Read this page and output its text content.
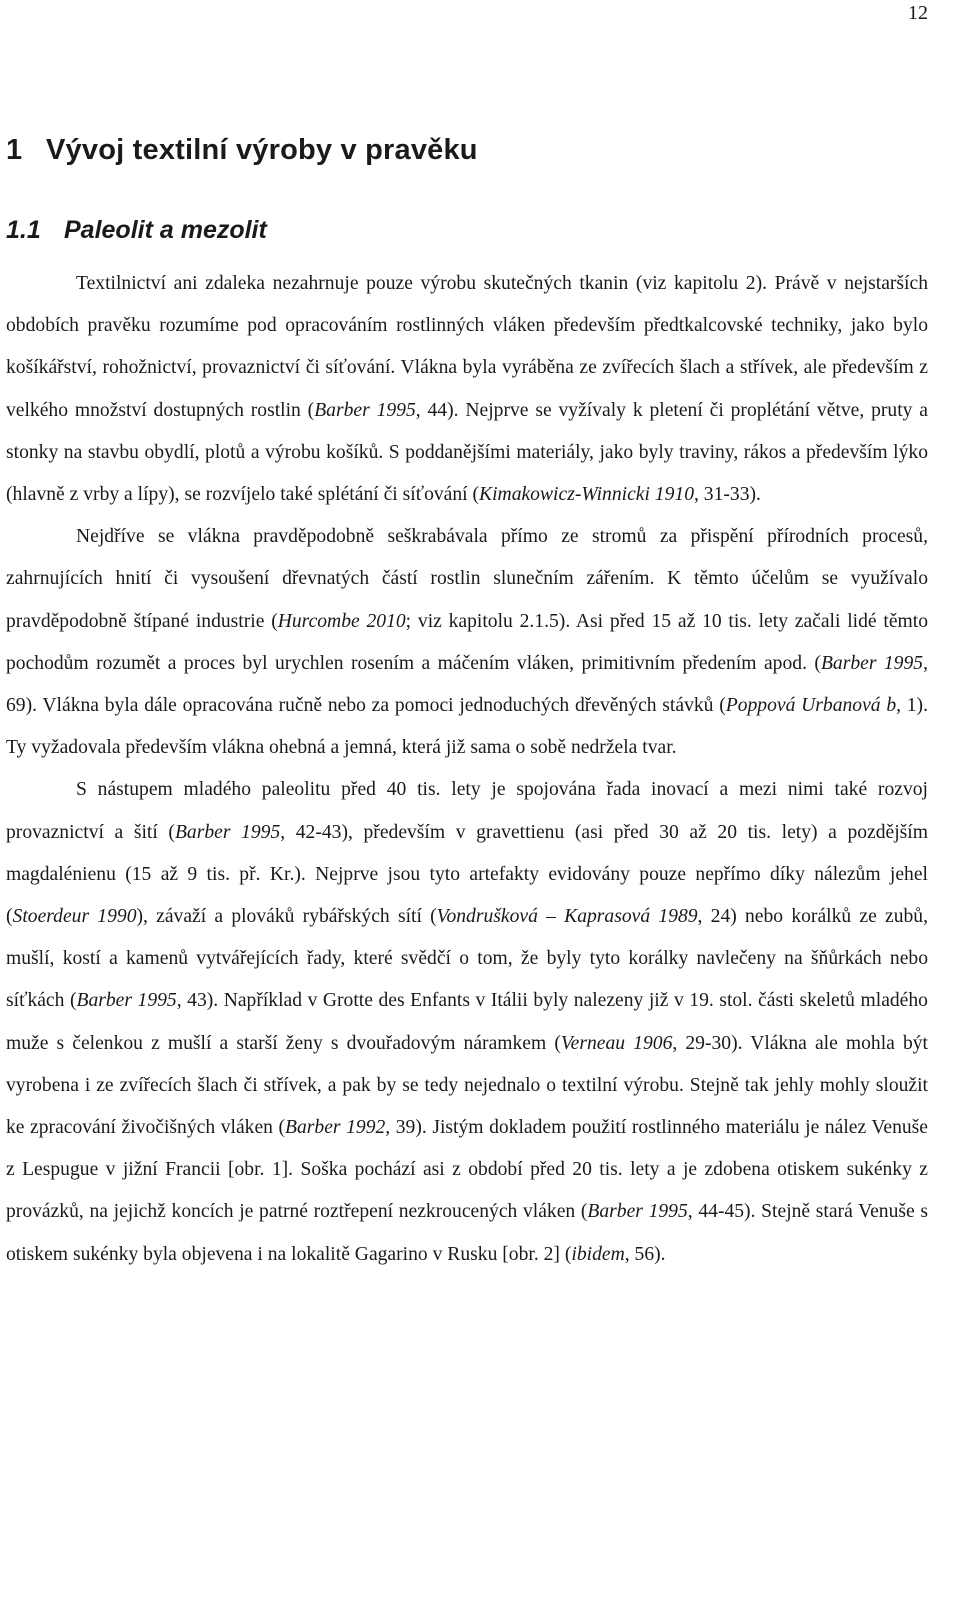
12
1 Vývoj textilní výroby v pravěku
1.1 Paleolit a mezolit

Textilnictví ani zdaleka nezahrnuje pouze výrobu skutečných tkanin (viz kapitolu 2). Právě v nejstarších obdobích pravěku rozumíme pod opracováním rostlinných vláken především předtkalcovské techniky, jako bylo košíkářství, rohožnictví, provaznictví či síťování. Vlákna byla vyráběna ze zvířecích šlach a střívek, ale především z velkého množství dostupných rostlin (Barber 1995, 44). Nejprve se vyžívaly k pletení či proplétání větve, pruty a stonky na stavbu obydlí, plotů a výrobu košíků. S poddanějšími materiály, jako byly traviny, rákos a především lýko (hlavně z vrby a lípy), se rozvíjelo také splétání či síťování (Kimakowicz-Winnicki 1910, 31-33).

Nejdříve se vlákna pravděpodobně seškrabávala přímo ze stromů za přispění přírodních procesů, zahrnujících hnití či vysoušení dřevnatých částí rostlin slunečním zářením. K těmto účelům se využívalo pravděpodobně štípané industrie (Hurcombe 2010; viz kapitolu 2.1.5). Asi před 15 až 10 tis. lety začali lidé těmto pochodům rozumět a proces byl urychlen rosením a máčením vláken, primitivním předením apod. (Barber 1995, 69). Vlákna byla dále opracována ručně nebo za pomoci jednoduchých dřevěných stávků (Poppová Urbanová b, 1). Ty vyžadovala především vlákna ohebná a jemná, která již sama o sobě nedržela tvar.

S nástupem mladého paleolitu před 40 tis. lety je spojována řada inovací a mezi nimi také rozvoj provaznictví a šití (Barber 1995, 42-43), především v gravettienu (asi před 30 až 20 tis. lety) a pozdějším magdalénienu (15 až 9 tis. př. Kr.). Nejprve jsou tyto artefakty evidovány pouze nepřímo díky nálezům jehel (Stoerdeur 1990), závaží a plováků rybářských sítí (Vondrušková – Kaprasová 1989, 24) nebo korálků ze zubů, mušlí, kostí a kamenů vytvářejících řady, které svědčí o tom, že byly tyto korálky navlečeny na šňůrkách nebo síťkách (Barber 1995, 43). Například v Grotte des Enfants v Itálii byly nalezeny již v 19. stol. části skeletů mladého muže s čelenkou z mušlí a starší ženy s dvouřadovým náramkem (Verneau 1906, 29-30). Vlákna ale mohla být vyrobena i ze zvířecích šlach či střívek, a pak by se tedy nejednalo o textilní výrobu. Stejně tak jehly mohly sloužit ke zpracování živočišných vláken (Barber 1992, 39). Jistým dokladem použití rostlinného materiálu je nález Venuše z Lespugue v jižní Francii [obr. 1]. Soška pochází asi z období před 20 tis. lety a je zdobena otiskem sukénky z provázků, na jejichž koncích je patrné roztřepení nezkroucených vláken (Barber 1995, 44-45). Stejně stará Venuše s otiskem sukénky byla objevena i na lokalitě Gagarino v Rusku [obr. 2] (ibidem, 56).
